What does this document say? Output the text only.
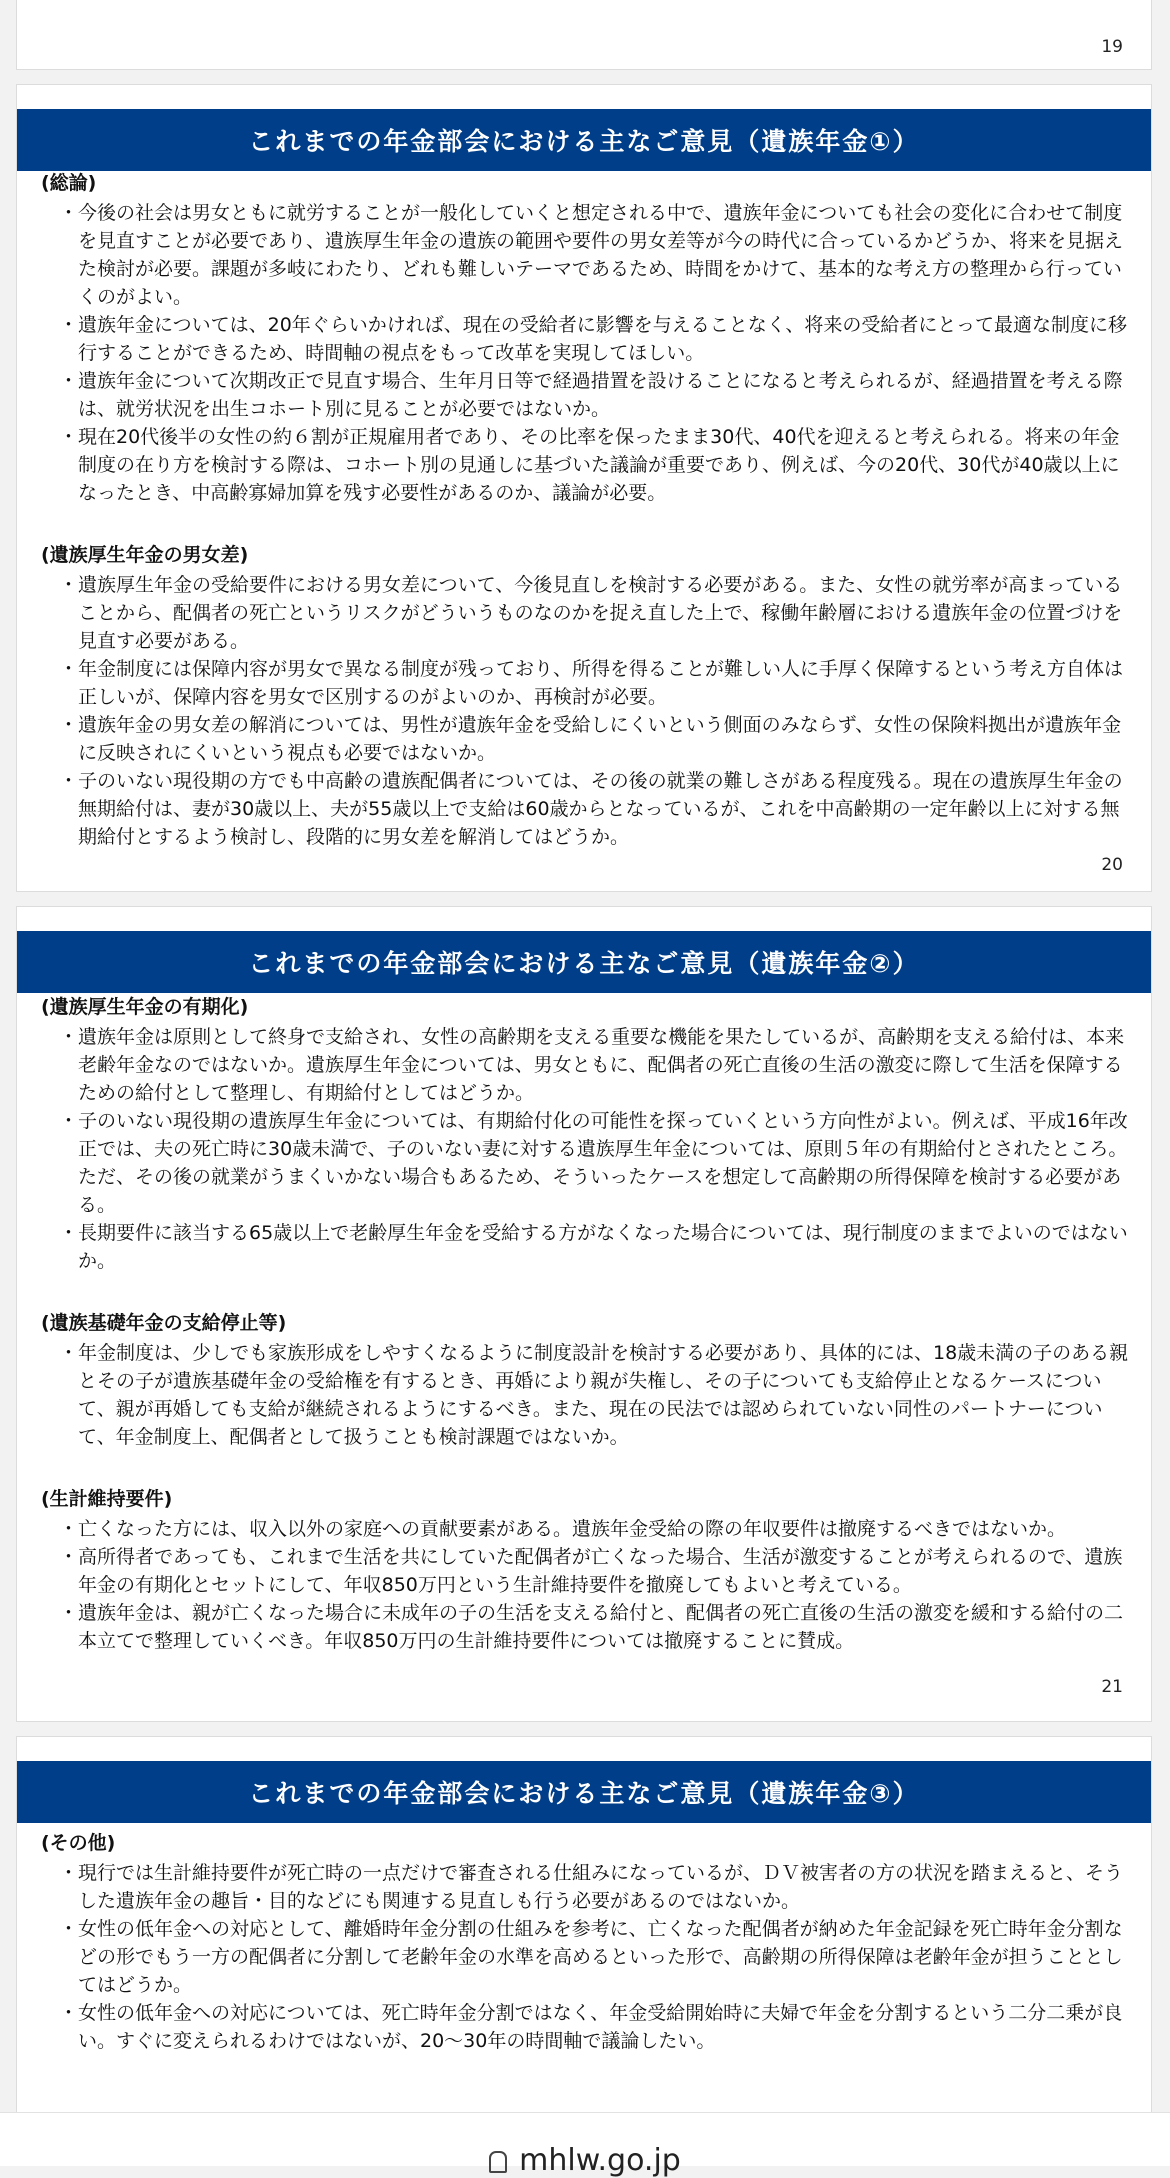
19
これまでの年金部会における主なご意見（遺族年金①）
(総論)
・ 今後の社会は男女ともに就労することが一般化していくと想定される中で、遺族年金についても社会の変化に合わせて制度を見直すことが必要であり、遺族厚生年金の遺族の範囲や要件の男女差等が今の時代に合っているかどうか、将来を見据えた検討が必要。課題が多岐にわたり、どれも難しいテーマであるため、時間をかけて、基本的な考え方の整理から行っていくのがよい。
・ 遺族年金については、20年ぐらいかければ、現在の受給者に影響を与えることなく、将来の受給者にとって最適な制度に移行することができるため、時間軸の視点をもって改革を実現してほしい。
・ 遺族年金について次期改正で見直す場合、生年月日等で経過措置を設けることになると考えられるが、経過措置を考える際は、就労状況を出生コホート別に見ることが必要ではないか。
・ 現在20代後半の女性の約６割が正規雇用者であり、その比率を保ったまま30代、40代を迎えると考えられる。将来の年金制度の在り方を検討する際は、コホート別の見通しに基づいた議論が重要であり、例えば、今の20代、30代が40歳以上になったとき、中高齢寡婦加算を残す必要性があるのか、議論が必要。
(遺族厚生年金の男女差)
・ 遺族厚生年金の受給要件における男女差について、今後見直しを検討する必要がある。また、女性の就労率が高まっていることから、配偶者の死亡というリスクがどういうものなのかを捉え直した上で、稼働年齢層における遺族年金の位置づけを見直す必要がある。
・ 年金制度には保障内容が男女で異なる制度が残っており、所得を得ることが難しい人に手厚く保障するという考え方自体は正しいが、保障内容を男女で区別するのがよいのか、再検討が必要。
・ 遺族年金の男女差の解消については、男性が遺族年金を受給しにくいという側面のみならず、女性の保険料拠出が遺族年金に反映されにくいという視点も必要ではないか。
・ 子のいない現役期の方でも中高齢の遺族配偶者については、その後の就業の難しさがある程度残る。現在の遺族厚生年金の無期給付は、妻が30歳以上、夫が55歳以上で支給は60歳からとなっているが、これを中高齢期の一定年齢以上に対する無期給付とするよう検討し、段階的に男女差を解消してはどうか。
20
これまでの年金部会における主なご意見（遺族年金②）
(遺族厚生年金の有期化)
・ 遺族年金は原則として終身で支給され、女性の高齢期を支える重要な機能を果たしているが、高齢期を支える給付は、本来老齢年金なのではないか。遺族厚生年金については、男女ともに、配偶者の死亡直後の生活の激変に際して生活を保障するための給付として整理し、有期給付としてはどうか。
・ 子のいない現役期の遺族厚生年金については、有期給付化の可能性を探っていくという方向性がよい。例えば、平成16年改正では、夫の死亡時に30歳未満で、子のいない妻に対する遺族厚生年金については、原則５年の有期給付とされたところ。ただ、その後の就業がうまくいかない場合もあるため、そういったケースを想定して高齢期の所得保障を検討する必要がある。
・ 長期要件に該当する65歳以上で老齢厚生年金を受給する方がなくなった場合については、現行制度のままでよいのではないか。
(遺族基礎年金の支給停止等)
・ 年金制度は、少しでも家族形成をしやすくなるように制度設計を検討する必要があり、具体的には、18歳未満の子のある親とその子が遺族基礎年金の受給権を有するとき、再婚により親が失権し、その子についても支給停止となるケースについて、親が再婚しても支給が継続されるようにするべき。また、現在の民法では認められていない同性のパートナーについて、年金制度上、配偶者として扱うことも検討課題ではないか。
(生計維持要件)
・ 亡くなった方には、収入以外の家庭への貢献要素がある。遺族年金受給の際の年収要件は撤廃するべきではないか。
・ 高所得者であっても、これまで生活を共にしていた配偶者が亡くなった場合、生活が激変することが考えられるので、遺族年金の有期化とセットにして、年収850万円という生計維持要件を撤廃してもよいと考えている。
・ 遺族年金は、親が亡くなった場合に未成年の子の生活を支える給付と、配偶者の死亡直後の生活の激変を緩和する給付の二本立てで整理していくべき。年収850万円の生計維持要件については撤廃することに賛成。
21
これまでの年金部会における主なご意見（遺族年金③）
(その他)
・ 現行では生計維持要件が死亡時の一点だけで審査される仕組みになっているが、ＤＶ被害者の方の状況を踏まえると、そうした遺族年金の趣旨・目的などにも関連する見直しも行う必要があるのではないか。
・ 女性の低年金への対応として、離婚時年金分割の仕組みを参考に、亡くなった配偶者が納めた年金記録を死亡時年金分割などの形でもう一方の配偶者に分割して老齢年金の水準を高めるといった形で、高齢期の所得保障は老齢年金が担うこととしてはどうか。
・ 女性の低年金への対応については、死亡時年金分割ではなく、年金受給開始時に夫婦で年金を分割するという二分二乗が良い。すぐに変えられるわけではないが、20～30年の時間軸で議論したい。
mhlw.go.jp
